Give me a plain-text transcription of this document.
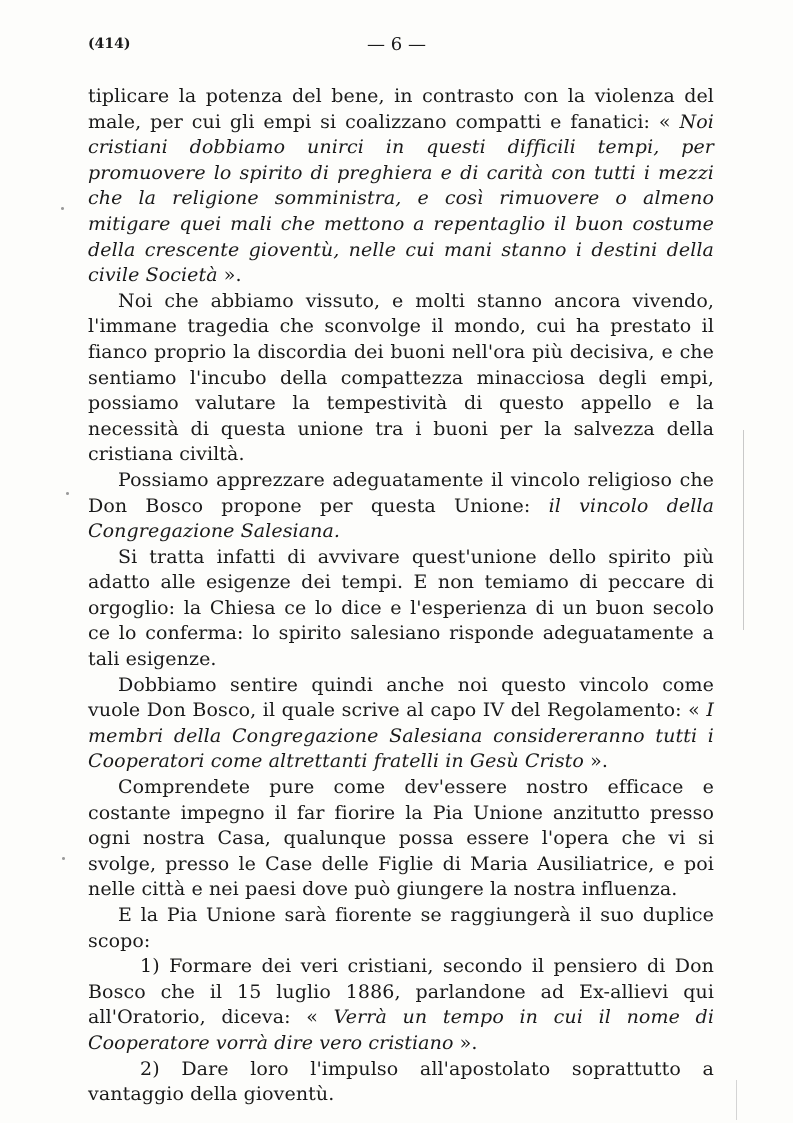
(414)	— 6 —

tiplicare la potenza del bene, in contrasto con la violenza del male, per cui gli empi si coalizzano compatti e fanatici: « Noi cristiani dobbiamo unirci in questi difficili tempi, per promuovere lo spirito di preghiera e di carità con tutti i mezzi che la religione somministra, e così rimuovere o almeno mitigare quei mali che mettono a repentaglio il buon costume della crescente gioventù, nelle cui mani stanno i destini della civile Società ».

Noi che abbiamo vissuto, e molti stanno ancora vivendo, l'immane tragedia che sconvolge il mondo, cui ha prestato il fianco proprio la discordia dei buoni nell'ora più decisiva, e che sentiamo l'incubo della compattezza minacciosa degli empi, possiamo valutare la tempestività di questo appello e la necessità di questa unione tra i buoni per la salvezza della cristiana civiltà.

Possiamo apprezzare adeguatamente il vincolo religioso che Don Bosco propone per questa Unione: il vincolo della Congregazione Salesiana.

Si tratta infatti di avvivare quest'unione dello spirito più adatto alle esigenze dei tempi. E non temiamo di peccare di orgoglio: la Chiesa ce lo dice e l'esperienza di un buon secolo ce lo conferma: lo spirito salesiano risponde adeguatamente a tali esigenze.

Dobbiamo sentire quindi anche noi questo vincolo come vuole Don Bosco, il quale scrive al capo IV del Regolamento: « I membri della Congregazione Salesiana considereranno tutti i Cooperatori come altrettanti fratelli in Gesù Cristo ».

Comprendete pure come dev'essere nostro efficace e costante impegno il far fiorire la Pia Unione anzitutto presso ogni nostra Casa, qualunque possa essere l'opera che vi si svolge, presso le Case delle Figlie di Maria Ausiliatrice, e poi nelle città e nei paesi dove può giungere la nostra influenza.

E la Pia Unione sarà fiorente se raggiungerà il suo duplice scopo:

1) Formare dei veri cristiani, secondo il pensiero di Don Bosco che il 15 luglio 1886, parlandone ad Ex-allievi qui all'Oratorio, diceva: « Verrà un tempo in cui il nome di Cooperatore vorrà dire vero cristiano ».

2) Dare loro l'impulso all'apostolato soprattutto a vantaggio della gioventù.
